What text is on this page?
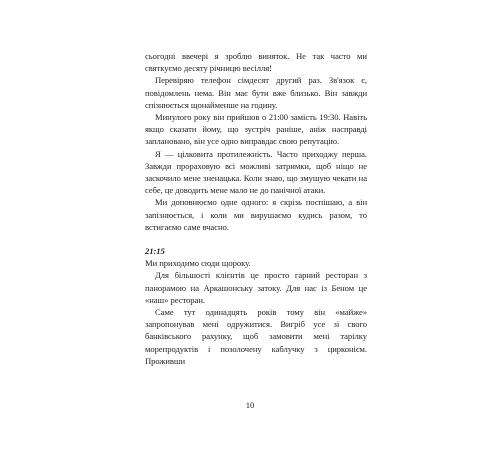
сьогодні ввечері я зроблю виняток. Не так часто ми святкуємо десяту річницю весілля!

Перевіряю телефон сімдесят другий раз. Зв'язок є, повідомлень нема. Він має бути вже близько. Він завжди спізнюється щонайменше на годину.

Минулого року він прийшов о 21:00 замість 19:30. Навіть якщо сказати йому, що зустріч раніше, аніж насправді заплановано, він усе одно виправдає свою репутацію.

Я — цілковита протилежність. Часто приходжу перша. Завжди прораховую всі можливі затримки, щоб ніщо не заскочило мене зненацька. Коли знаю, що змушую чекати на себе, це доводить мене мало не до панічної атаки.

Ми доповнюємо одне одного: я скрізь поспішаю, а він запізнюється, і коли ми вирушаємо кудись разом, то встигаємо саме вчасно.

21:15

Ми приходимо сюди щороку.

Для більшості клієнтів це просто гарний ресторан з панорамою на Аркашонську затоку. Для нас із Беном це «наш» ресторан.

Саме тут одинадцять років тому він «майже» запропонував мені одружитися. Вигріб усе зі свого банківського рахунку, щоб замовити мені тарілку морепродуктів і позолочену каблучку з цирконієм. Проживши

10
